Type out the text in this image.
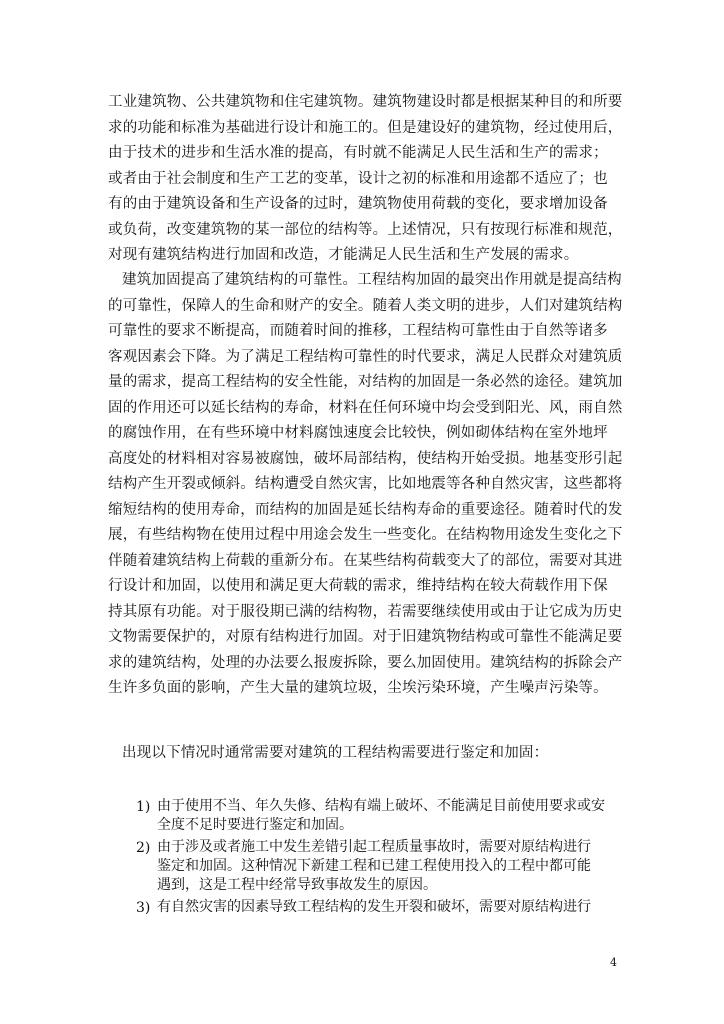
工业建筑物、公共建筑物和住宅建筑物。建筑物建设时都是根据某种目的和所要
求的功能和标准为基础进行设计和施工的。但是建设好的建筑物，经过使用后，
由于技术的进步和生活水准的提高，有时就不能满足人民生活和生产的需求；
或者由于社会制度和生产工艺的变革，设计之初的标准和用途都不适应了；也
有的由于建筑设备和生产设备的过时，建筑物使用荷载的变化，要求增加设备
或负荷，改变建筑物的某一部位的结构等。上述情况，只有按现行标准和规范，
对现有建筑结构进行加固和改造，才能满足人民生活和生产发展的需求。
建筑加固提高了建筑结构的可靠性。工程结构加固的最突出作用就是提高结构
的可靠性，保障人的生命和财产的安全。随着人类文明的进步，人们对建筑结构
可靠性的要求不断提高，而随着时间的推移，工程结构可靠性由于自然等诸多
客观因素会下降。为了满足工程结构可靠性的时代要求，满足人民群众对建筑质
量的需求，提高工程结构的安全性能，对结构的加固是一条必然的途径。建筑加
固的作用还可以延长结构的寿命，材料在任何环境中均会受到阳光、风，雨自然
的腐蚀作用，在有些环境中材料腐蚀速度会比较快，例如砌体结构在室外地坪
高度处的材料相对容易被腐蚀，破坏局部结构，使结构开始受损。地基变形引起
结构产生开裂或倾斜。结构遭受自然灾害，比如地震等各种自然灾害，这些都将
缩短结构的使用寿命，而结构的加固是延长结构寿命的重要途径。随着时代的发
展，有些结构物在使用过程中用途会发生一些变化。在结构物用途发生变化之下
伴随着建筑结构上荷载的重新分布。在某些结构荷载变大了的部位，需要对其进
行设计和加固，以使用和满足更大荷载的需求，维持结构在较大荷载作用下保
持其原有功能。对于服役期已满的结构物，若需要继续使用或由于让它成为历史
文物需要保护的，对原有结构进行加固。对于旧建筑物结构或可靠性不能满足要
求的建筑结构，处理的办法要么报废拆除，要么加固使用。建筑结构的拆除会产
生许多负面的影响，产生大量的建筑垃圾，尘埃污染环境，产生噪声污染等。
出现以下情况时通常需要对建筑的工程结构需要进行鉴定和加固：
1) 由于使用不当、年久失修、结构有端上破坏、不能满足目前使用要求或安
全度不足时要进行鉴定和加固。
2) 由于涉及或者施工中发生差错引起工程质量事故时，需要对原结构进行
鉴定和加固。这种情况下新建工程和已建工程使用投入的工程中都可能
遇到，这是工程中经常导致事故发生的原因。
3) 有自然灾害的因素导致工程结构的发生开裂和破坏，需要对原结构进行
4
